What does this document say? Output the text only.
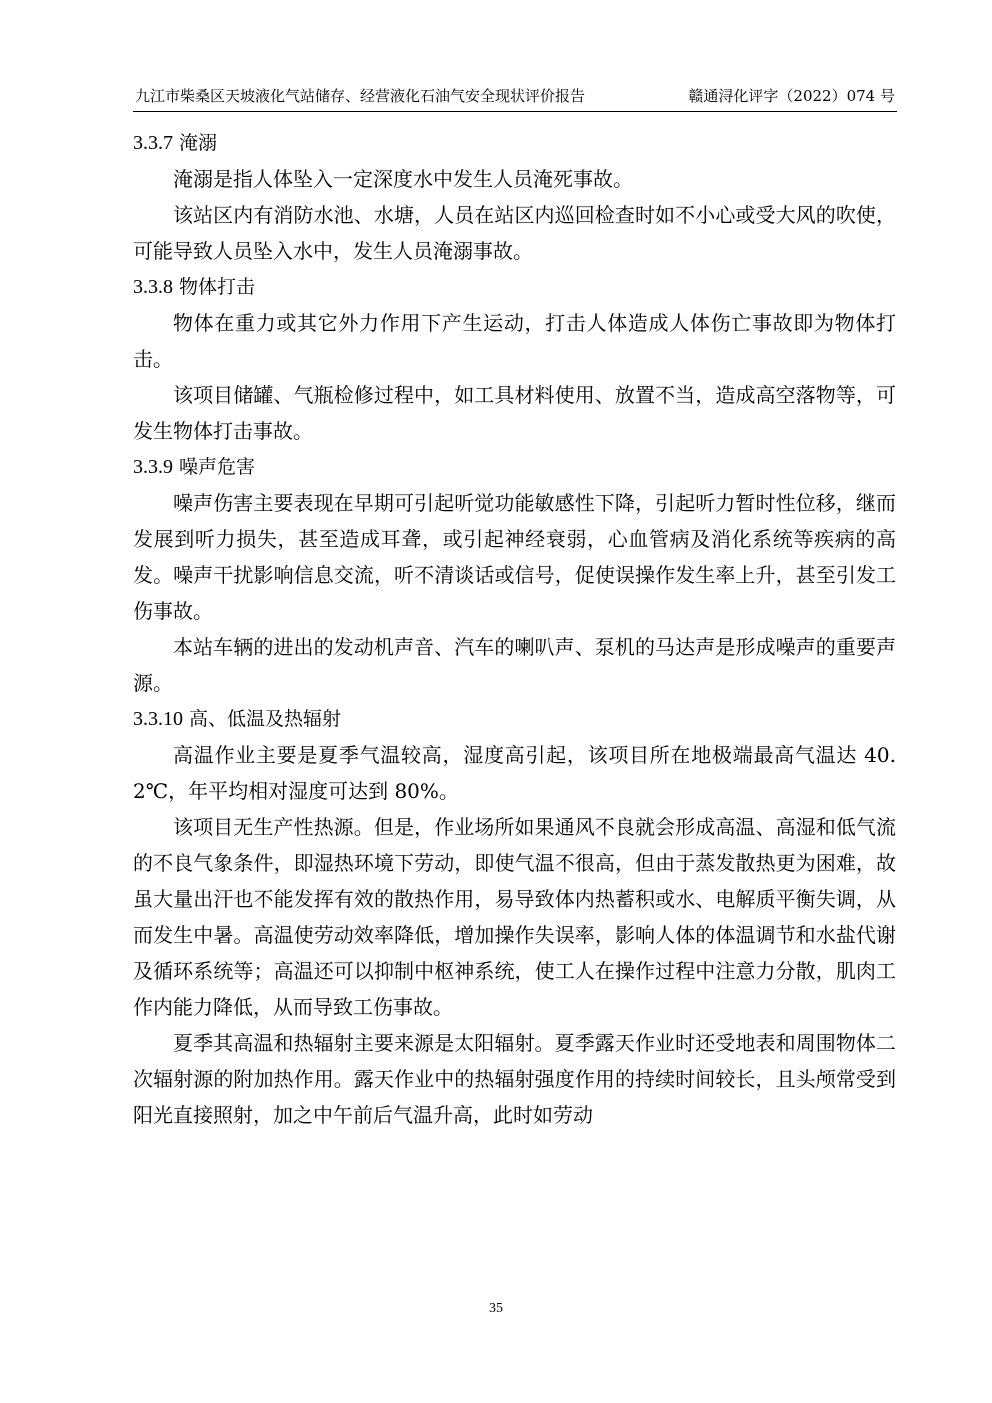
九江市柴桑区天坡液化气站储存、经营液化石油气安全现状评价报告	赣通浔化评字（2022）074 号
3.3.7 淹溺

淹溺是指人体坠入一定深度水中发生人员淹死事故。

该站区内有消防水池、水塘，人员在站区内巡回检查时如不小心或受大风的吹使，可能导致人员坠入水中，发生人员淹溺事故。

3.3.8 物体打击

物体在重力或其它外力作用下产生运动，打击人体造成人体伤亡事故即为物体打击。

该项目储罐、气瓶检修过程中，如工具材料使用、放置不当，造成高空落物等，可发生物体打击事故。

3.3.9 噪声危害

噪声伤害主要表现在早期可引起听觉功能敏感性下降，引起听力暂时性位移，继而发展到听力损失，甚至造成耳聋，或引起神经衰弱，心血管病及消化系统等疾病的高发。噪声干扰影响信息交流，听不清谈话或信号，促使误操作发生率上升，甚至引发工伤事故。

本站车辆的进出的发动机声音、汽车的喇叭声、泵机的马达声是形成噪声的重要声源。

3.3.10 高、低温及热辐射

高温作业主要是夏季气温较高，湿度高引起，该项目所在地极端最高气温达 40.2℃，年平均相对湿度可达到 80%。

该项目无生产性热源。但是，作业场所如果通风不良就会形成高温、高湿和低气流的不良气象条件，即湿热环境下劳动，即使气温不很高，但由于蒸发散热更为困难，故虽大量出汗也不能发挥有效的散热作用，易导致体内热蓄积或水、电解质平衡失调，从而发生中暑。高温使劳动效率降低，增加操作失误率，影响人体的体温调节和水盐代谢及循环系统等；高温还可以抑制中枢神系统，使工人在操作过程中注意力分散，肌肉工作内能力降低，从而导致工伤事故。

夏季其高温和热辐射主要来源是太阳辐射。夏季露天作业时还受地表和周围物体二次辐射源的附加热作用。露天作业中的热辐射强度作用的持续时间较长，且头颅常受到阳光直接照射，加之中午前后气温升高，此时如劳动

35
